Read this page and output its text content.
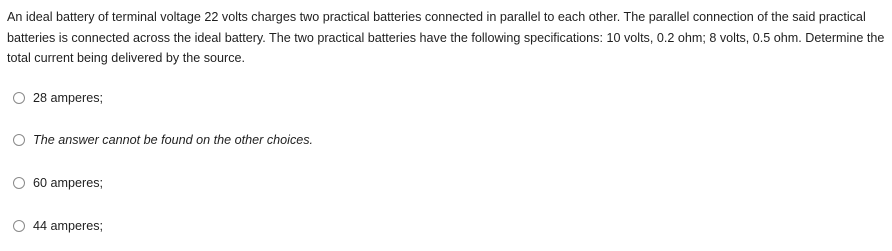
An ideal battery of terminal voltage 22 volts charges two practical batteries connected in parallel to each other. The parallel connection of the said practical batteries is connected across the ideal battery. The two practical batteries have the following specifications: 10 volts, 0.2 ohm; 8 volts, 0.5 ohm. Determine the total current being delivered by the source.
28 amperes;
The answer cannot be found on the other choices.
60 amperes;
44 amperes;
